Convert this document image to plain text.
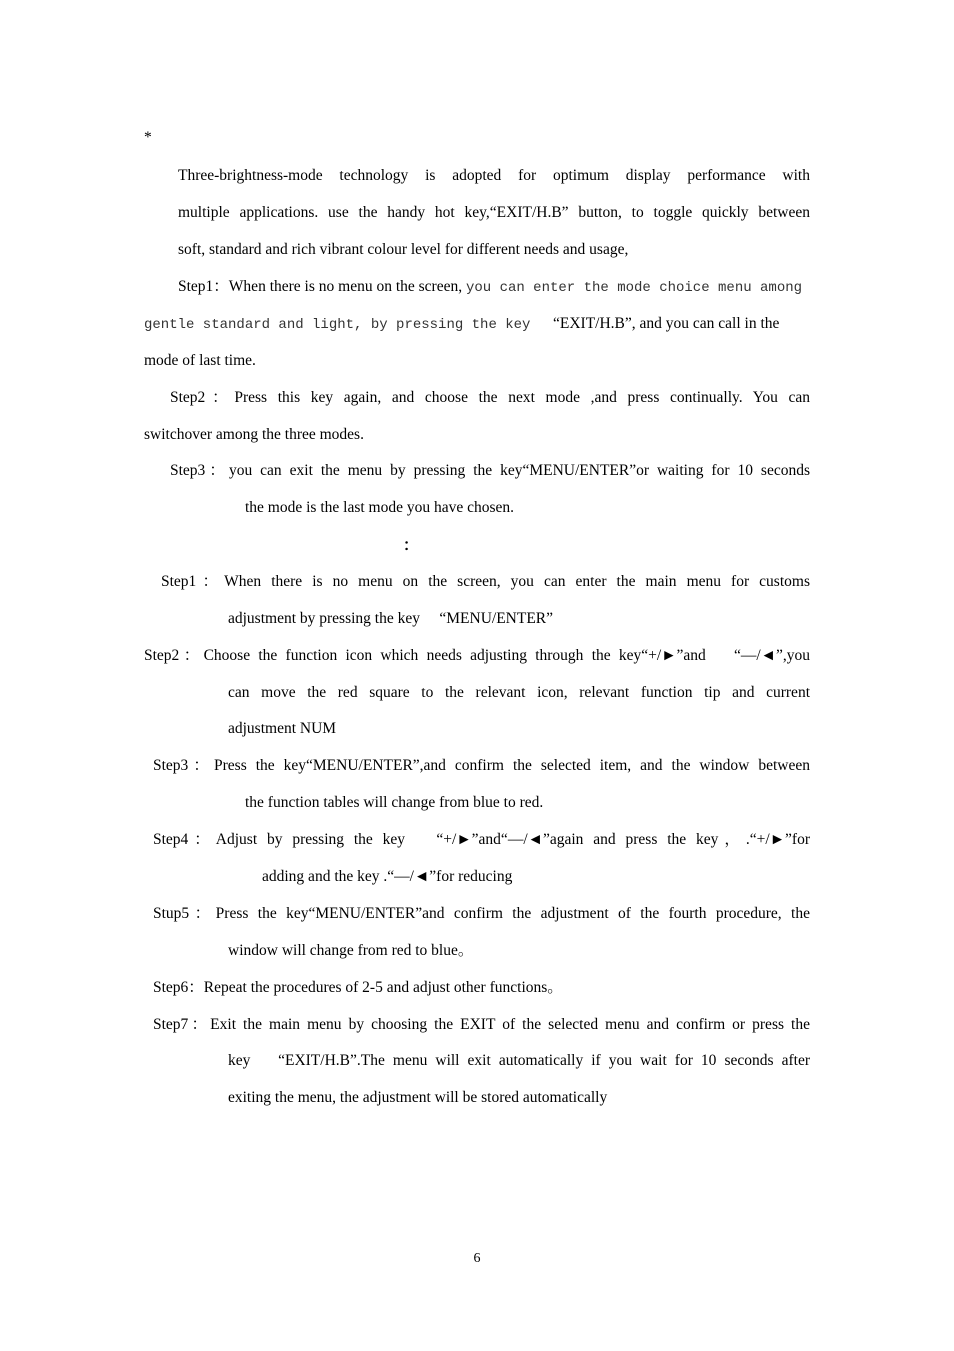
*
Three-brightness-mode technology is adopted for optimum display performance with
multiple applications. use the handy hot key,“EXIT/H.B” button, to toggle quickly between
soft, standard and rich vibrant colour level for different needs and usage,
Step1：When there is no menu on the screen, you can enter the mode choice menu among
gentle standard and light, by pressing the key “EXIT/H.B”, and you can call in the
mode of last time.
Step2：Press this key again, and choose the next mode ,and press continually. You can
switchover among the three modes.
Step3：you can exit the menu by pressing the key“MENU/ENTER”or waiting for 10 seconds
the mode is the last mode you have chosen.
：
Step1：When there is no menu on the screen, you can enter the main menu for customs
adjustment by pressing the key 　“MENU/ENTER”
Step2：Choose the function icon which needs adjusting through the key“+/►”and 　“—/◄”,you
can move the red square to the relevant icon, relevant function tip and current
adjustment NUM
Step3：Press the key“MENU/ENTER”,and confirm the selected item, and the window between
the function tables will change from blue to red.
Step4：Adjust by pressing the key 　“+/►”and“—/◄”again and press the key，.“+/►”for
adding and the key .“—/◄”for reducing
Stup5：Press the key“MENU/ENTER”and confirm the adjustment of the fourth procedure, the
window will change from red to blue。
Step6：Repeat the procedures of 2-5 and adjust other functions。
Step7：Exit the main menu by choosing the EXIT of the selected menu and confirm or press the
key 　“EXIT/H.B”.The menu will exit automatically if you wait for 10 seconds after
exiting the menu, the adjustment will be stored automatically
6
